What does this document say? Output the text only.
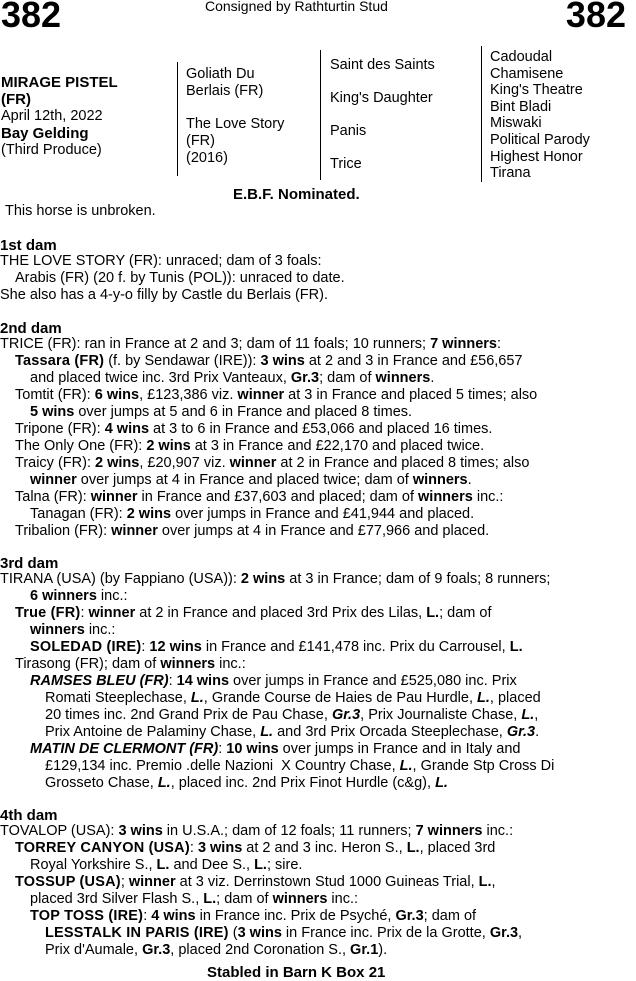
382	382
Consigned by Rathturtin Stud
MIRAGE PISTEL
(FR)
April 12th, 2022
Bay Gelding
(Third Produce)
Goliath Du
Berlais (FR)
The Love Story
(FR)
(2016)
Saint des Saints
King's Daughter
Panis
Trice
Cadoudal
Chamisene
King's Theatre
Bint Bladi
Miswaki
Political Parody
Highest Honor
Tirana
E.B.F. Nominated.
This horse is unbroken.
1st dam
THE LOVE STORY (FR): unraced; dam of 3 foals:
Arabis (FR) (20 f. by Tunis (POL)): unraced to date.
She also has a 4-y-o filly by Castle du Berlais (FR).
2nd dam
TRICE (FR): ran in France at 2 and 3; dam of 11 foals; 10 runners; 7 winners:
Tassara (FR) (f. by Sendawar (IRE)): 3 wins at 2 and 3 in France and £56,657
and placed twice inc. 3rd Prix Vanteaux, Gr.3; dam of winners.
Tomtit (FR): 6 wins, £123,386 viz. winner at 3 in France and placed 5 times; also
5 wins over jumps at 5 and 6 in France and placed 8 times.
Tripone (FR): 4 wins at 3 to 6 in France and £53,066 and placed 16 times.
The Only One (FR): 2 wins at 3 in France and £22,170 and placed twice.
Traicy (FR): 2 wins, £20,907 viz. winner at 2 in France and placed 8 times; also
winner over jumps at 4 in France and placed twice; dam of winners.
Talna (FR): winner in France and £37,603 and placed; dam of winners inc.:
Tanagan (FR): 2 wins over jumps in France and £41,944 and placed.
Tribalion (FR): winner over jumps at 4 in France and £77,966 and placed.
3rd dam
TIRANA (USA) (by Fappiano (USA)): 2 wins at 3 in France; dam of 9 foals; 8 runners;
6 winners inc.:
True (FR): winner at 2 in France and placed 3rd Prix des Lilas, L.; dam of
winners inc.:
SOLEDAD (IRE): 12 wins in France and £141,478 inc. Prix du Carrousel, L.
Tirasong (FR); dam of winners inc.:
RAMSES BLEU (FR): 14 wins over jumps in France and £525,080 inc. Prix
Romati Steeplechase, L., Grande Course de Haies de Pau Hurdle, L., placed
20 times inc. 2nd Grand Prix de Pau Chase, Gr.3, Prix Journaliste Chase, L.,
Prix Antoine de Palaminy Chase, L. and 3rd Prix Orcada Steeplechase, Gr.3.
MATIN DE CLERMONT (FR): 10 wins over jumps in France and in Italy and
£129,134 inc. Premio .delle Nazioni  X Country Chase, L., Grande Stp Cross Di
Grosseto Chase, L., placed inc. 2nd Prix Finot Hurdle (c&g), L.
4th dam
TOVALOP (USA): 3 wins in U.S.A.; dam of 12 foals; 11 runners; 7 winners inc.:
TORREY CANYON (USA): 3 wins at 2 and 3 inc. Heron S., L., placed 3rd
Royal Yorkshire S., L. and Dee S., L.; sire.
TOSSUP (USA); winner at 3 viz. Derrinstown Stud 1000 Guineas Trial, L.,
placed 3rd Silver Flash S., L.; dam of winners inc.:
TOP TOSS (IRE): 4 wins in France inc. Prix de Psyché, Gr.3; dam of
LESSTALK IN PARIS (IRE) (3 wins in France inc. Prix de la Grotte, Gr.3,
Prix d'Aumale, Gr.3, placed 2nd Coronation S., Gr.1).
Stabled in Barn K Box 21
